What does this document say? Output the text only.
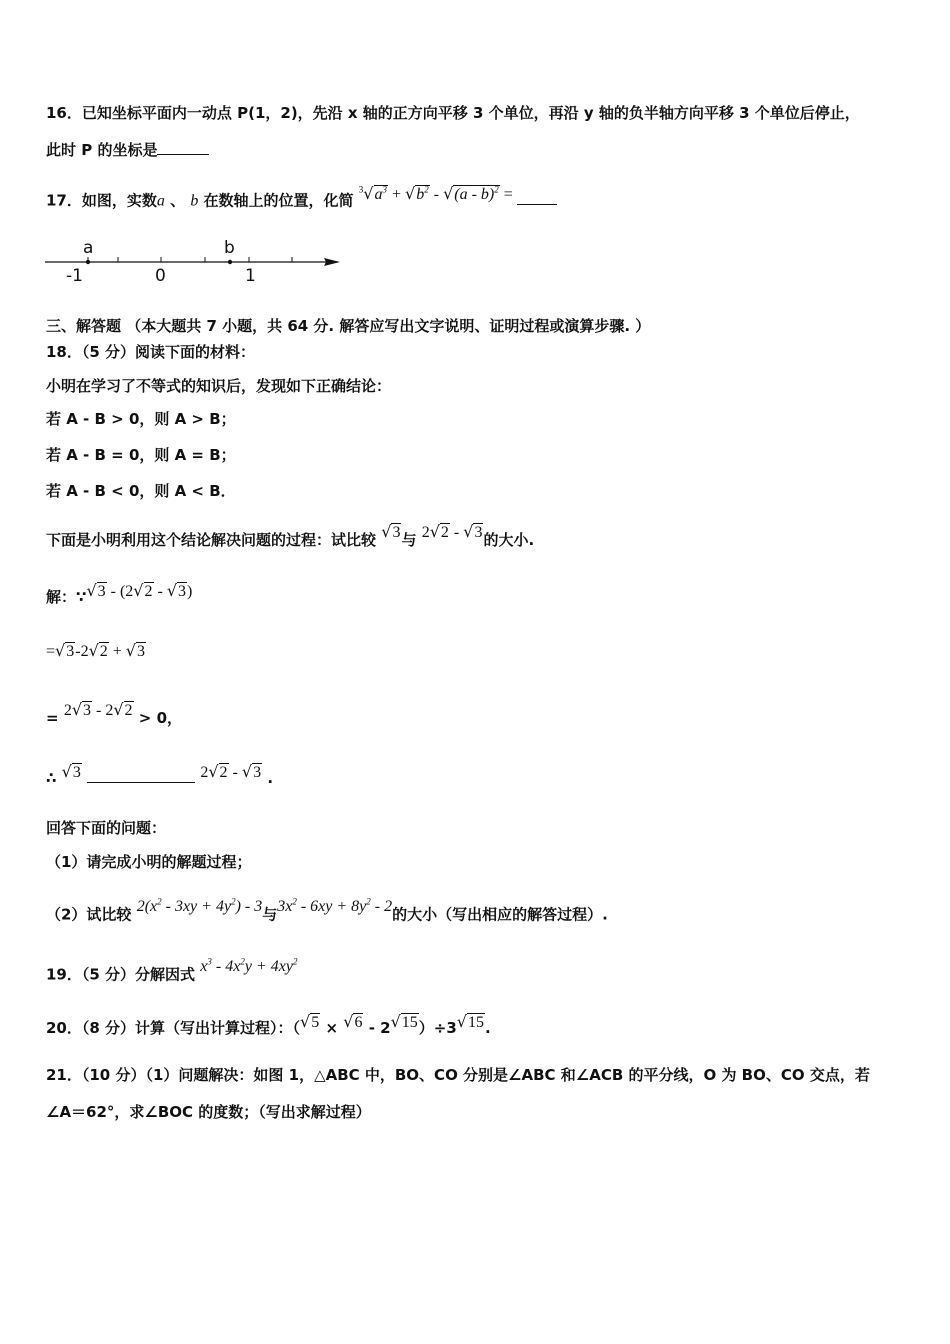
16．已知坐标平面内一动点 P(1，2)，先沿 x 轴的正方向平移 3 个单位，再沿 y 轴的负半轴方向平移 3 个单位后停止，
此时 P 的坐标是
17．如图，实数a 、 b 在数轴上的位置，化简 $^3√a^3 + √b^2 - √(a - b)^2$ =
a	b
-1	0	1
三、解答题 （本大题共 7 小题，共 64 分. 解答应写出文字说明、证明过程或演算步骤. ）
18．（5 分）阅读下面的材料：
小明在学习了不等式的知识后，发现如下正确结论：
若 A - B > 0，则 A > B；
若 A - B = 0，则 A = B；
若 A - B < 0，则 A < B．
下面是小明利用这个结论解决问题的过程：试比较 √3与 2√2 - √3的大小.
解：∵√3 - (2√2 - √3)
=√3-2√2 + √3
= 2√3 - 2√2 > 0，
∴ √3	2√2 - √3 .
回答下面的问题：
（1）请完成小明的解题过程；
（2）试比较 $2(x^2 - 3xy + 4y^2) - 3$与$3x^2 - 6xy + 8y^2 - 2$的大小（写出相应的解答过程）.
19．（5 分）分解因式 $x^3 - 4x^2y + 4xy^2$
20．（8 分）计算（写出计算过程）：（√5 × √6 - 2√15）÷3√15.
21．（10 分）（1）问题解决：如图 1，△ABC 中，BO、CO 分别是∠ABC 和∠ACB 的平分线，O 为 BO、CO 交点，若
∠A＝62°，求∠BOC 的度数；（写出求解过程）
